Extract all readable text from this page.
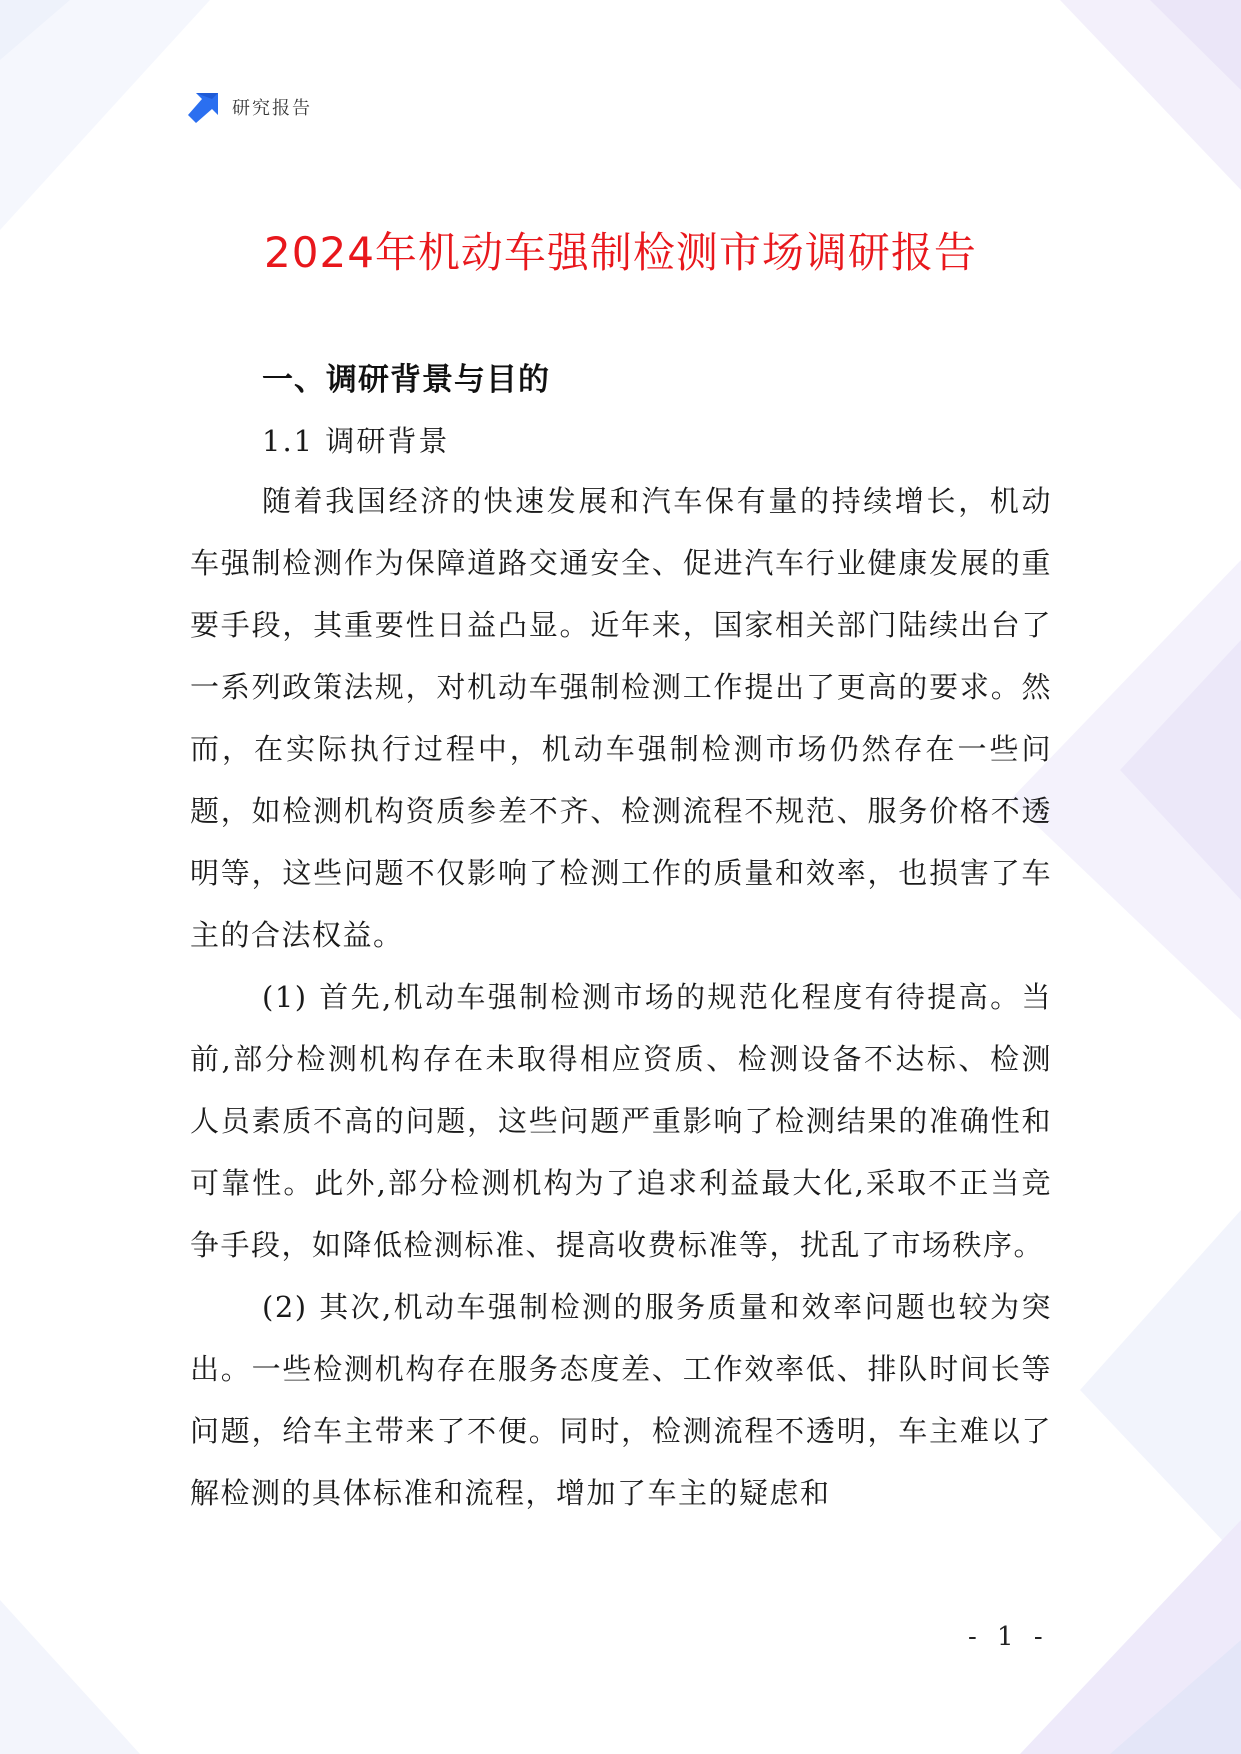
研究报告
2024年机动车强制检测市场调研报告
一、调研背景与目的
1.1 调研背景

随着我国经济的快速发展和汽车保有量的持续增长，机动车强制检测作为保障道路交通安全、促进汽车行业健康发展的重要手段，其重要性日益凸显。近年来，国家相关部门陆续出台了一系列政策法规，对机动车强制检测工作提出了更高的要求。然而，在实际执行过程中，机动车强制检测市场仍然存在一些问题，如检测机构资质参差不齐、检测流程不规范、服务价格不透明等，这些问题不仅影响了检测工作的质量和效率，也损害了车主的合法权益。

(1) 首先,机动车强制检测市场的规范化程度有待提高。当前,部分检测机构存在未取得相应资质、检测设备不达标、检测人员素质不高的问题，这些问题严重影响了检测结果的准确性和可靠性。此外,部分检测机构为了追求利益最大化,采取不正当竞争手段，如降低检测标准、提高收费标准等，扰乱了市场秩序。

(2) 其次,机动车强制检测的服务质量和效率问题也较为突出。一些检测机构存在服务态度差、工作效率低、排队时间长等问题，给车主带来了不便。同时，检测流程不透明，车主难以了解检测的具体标准和流程，增加了车主的疑虑和

- 1 -
